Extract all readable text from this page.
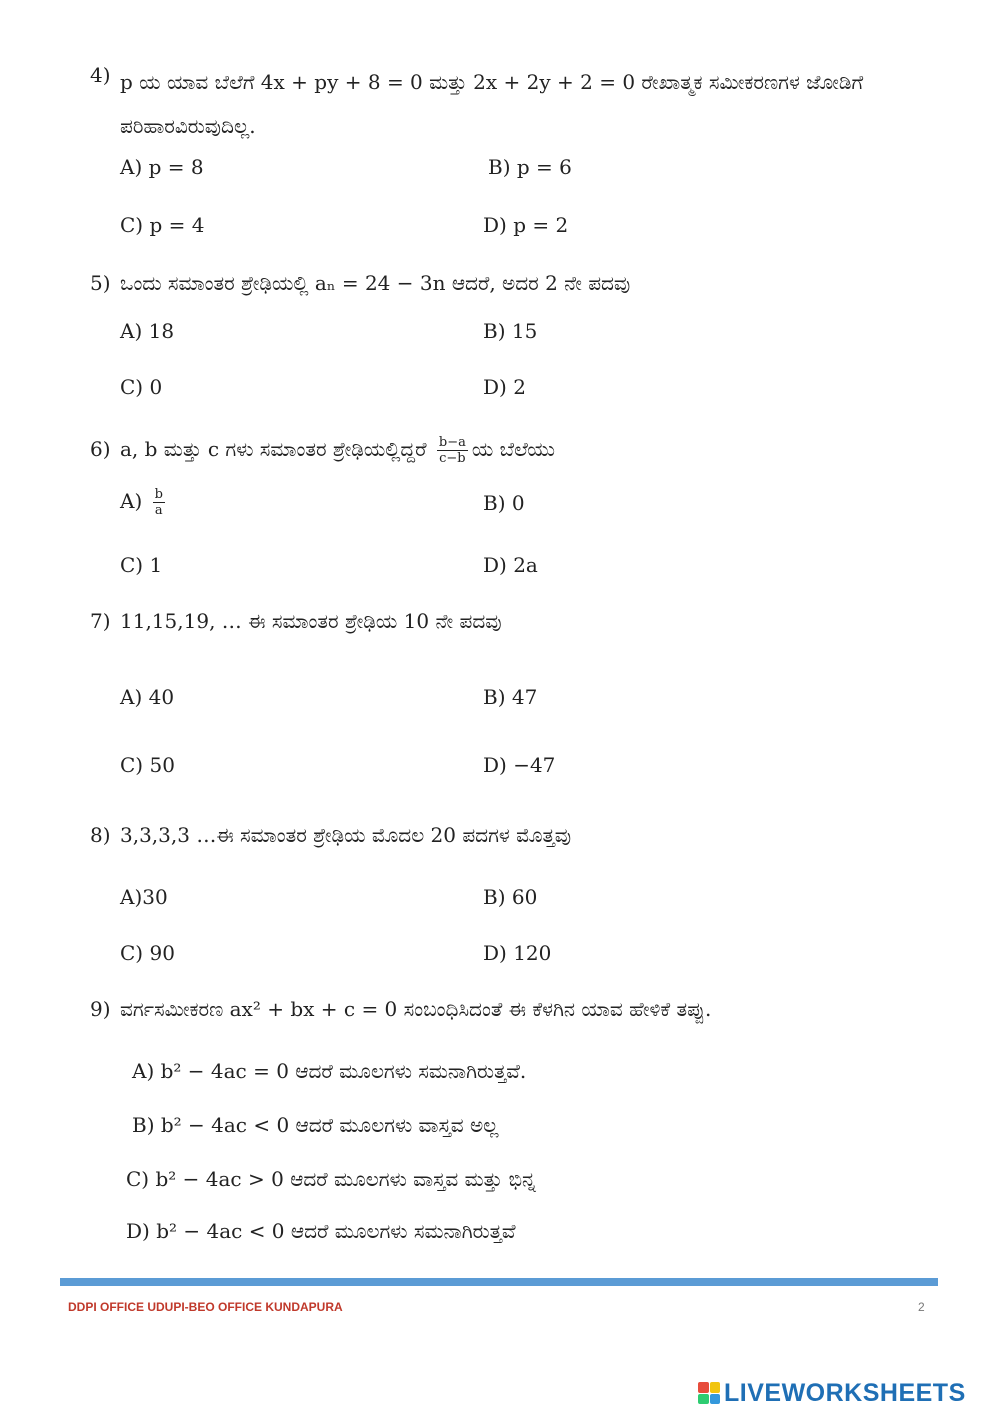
4) p ಯ ಯಾವ ಬೆಲೆಗೆ 4x + py + 8 = 0 ಮತ್ತು 2x + 2y + 2 = 0 ರೇಖಾತ್ಮಕ ಸಮೀಕರಣಗಳ ಜೋಡಿಗೆ ಪರಿಹಾರವಿರುವುದಿಲ್ಲ.
A) p = 8	B) p = 6
C) p = 4	D) p = 2
5) ಒಂದು ಸಮಾಂತರ ಶ್ರೇಢಿಯಲ್ಲಿ aₙ = 24 − 3n ಆದರೆ, ಅದರ 2 ನೇ ಪದವು
A) 18	B) 15
C) 0	D) 2
6) a, b ಮತ್ತು c ಗಳು ಸಮಾಂತರ ಶ್ರೇಢಿಯಲ್ಲಿದ್ದರೆ $\frac{b-a}{c-b}$ ಯ ಬೆಲೆಯು
$A) \frac{b}{a}$	B) 0
C) 1	D) 2a
7) 11,15,19, … ಈ ಸಮಾಂತರ ಶ್ರೇಢಿಯ 10 ನೇ ಪದವು
A) 40	B) 47
C) 50	D) −47
8) 3,3,3,3 …ಈ ಸಮಾಂತರ ಶ್ರೇಢಿಯ ಮೊದಲ 20 ಪದಗಳ ಮೊತ್ತವು
A)30	B) 60
C) 90	D) 120
9) ವರ್ಗಸಮೀಕರಣ ax² + bx + c = 0 ಸಂಬಂಧಿಸಿದಂತೆ ಈ ಕೆಳಗಿನ ಯಾವ ಹೇಳಿಕೆ ತಪ್ಪು.
A) b² − 4ac = 0 ಆದರೆ ಮೂಲಗಳು ಸಮನಾಗಿರುತ್ತವೆ.
B) b² − 4ac < 0 ಆದರೆ ಮೂಲಗಳು ವಾಸ್ತವ ಅಲ್ಲ
C) b² − 4ac > 0 ಆದರೆ ಮೂಲಗಳು ವಾಸ್ತವ ಮತ್ತು ಭಿನ್ನ
D) b² − 4ac < 0 ಆದರೆ ಮೂಲಗಳು ಸಮನಾಗಿರುತ್ತವೆ
DDPI OFFICE UDUPI-BEO OFFICE KUNDAPURA	2
LIVEWORKSHEETS
